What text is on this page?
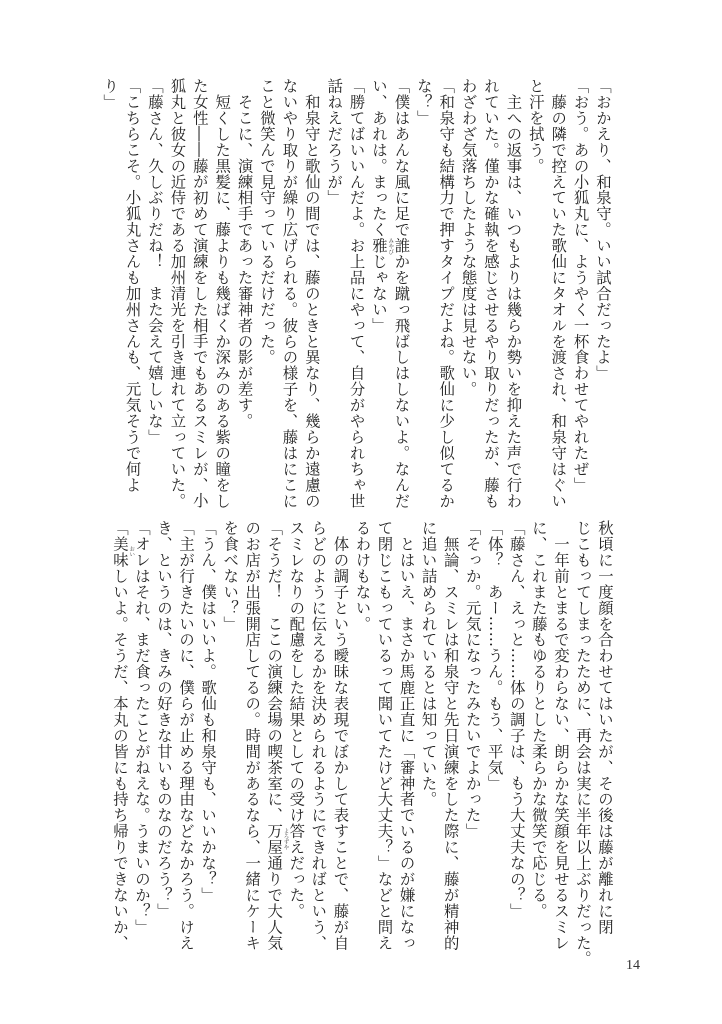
「おかえり、和泉守。いい試合だったよ」
「おう。あの小狐丸に、ようやく一杯食わせてやれたぜ」
　藤の隣で控えていた歌仙にタオルを渡され、和泉守はぐい
と汗を拭う。
　主への返事は、いつもよりは幾らか勢いを抑えた声で行わ
れていた。僅かな確執を感じさせるやり取りだったが、藤も
わざわざ気落ちしたような態度は見せない。
「和泉守も結構力で押すタイプだよね。歌仙に少し似てるか
な？」
「僕はあんな風に足で誰かを蹴っ飛ばしはしないよ。なんだ
い、あれは。まったく雅じゃない」 みやび
「勝てばいいんだよ。お上品にやって、自分がやられちゃ世
話ねえだろうが」
　和泉守と歌仙の間では、藤のときと異なり、幾らか遠慮の
ないやり取りが繰り広げられる。彼らの様子を、藤はにこに
こと微笑んで見守っているだけだった。
　そこに、演練相手であった審神者の影が差す。
　短くした黒髪に、藤よりも幾ばくか深みのある紫の瞳をし
た女性――藤が初めて演練をした相手でもあるスミレが、小
狐丸と彼女の近侍である加州清光を引き連れて立っていた。
「藤さん、久しぶりだね！　また会えて嬉しいな」
「こちらこそ。小狐丸さんも加州さんも、元気そうで何よ
り」
秋頃に一度顔を合わせてはいたが、その後は藤が離れに閉
じこもってしまったために、再会は実に半年以上ぶりだった。
　一年前とまるで変わらない、朗らかな笑顔を見せるスミレ
に、これまた藤もゆるりとした柔らかな微笑で応じる。
「藤さん、えっと……体の調子は、もう大丈夫なの？」
「体？　あー……うん。もう、平気」
「そっか。元気になったみたいでよかった」
　無論、スミレは和泉守と先日演練をした際に、藤が精神的
に追い詰められているとは知っていた。
　とはいえ、まさか馬鹿正直に「審神者でいるのが嫌になっ
て閉じこもっているって聞いてたけど大丈夫？」などと問え
るわけもない。
　体の調子という曖昧な表現でぼかして表すことで、藤が自
らどのように伝えるかを決められるようにできればという、
スミレなりの配慮をした結果としての受け答えだった。
「そうだ！　ここの演練会場の喫茶室に、万屋通りで大人気 よろずや
のお店が出張開店してるの。時間があるなら、一緒にケーキ
を食べない？」
「うん、僕はいいよ。歌仙も和泉守も、いいかな？」
「主が行きたいのに、僕らが止める理由などなかろう。けえ
き、というのは、きみの好きな甘いものなのだろう？」
「オレはそれ、まだ食ったことがねえな。うまいのか？」
「美味しいよ。そうだ、本丸の皆にも持ち帰りできないか、 おい
14
